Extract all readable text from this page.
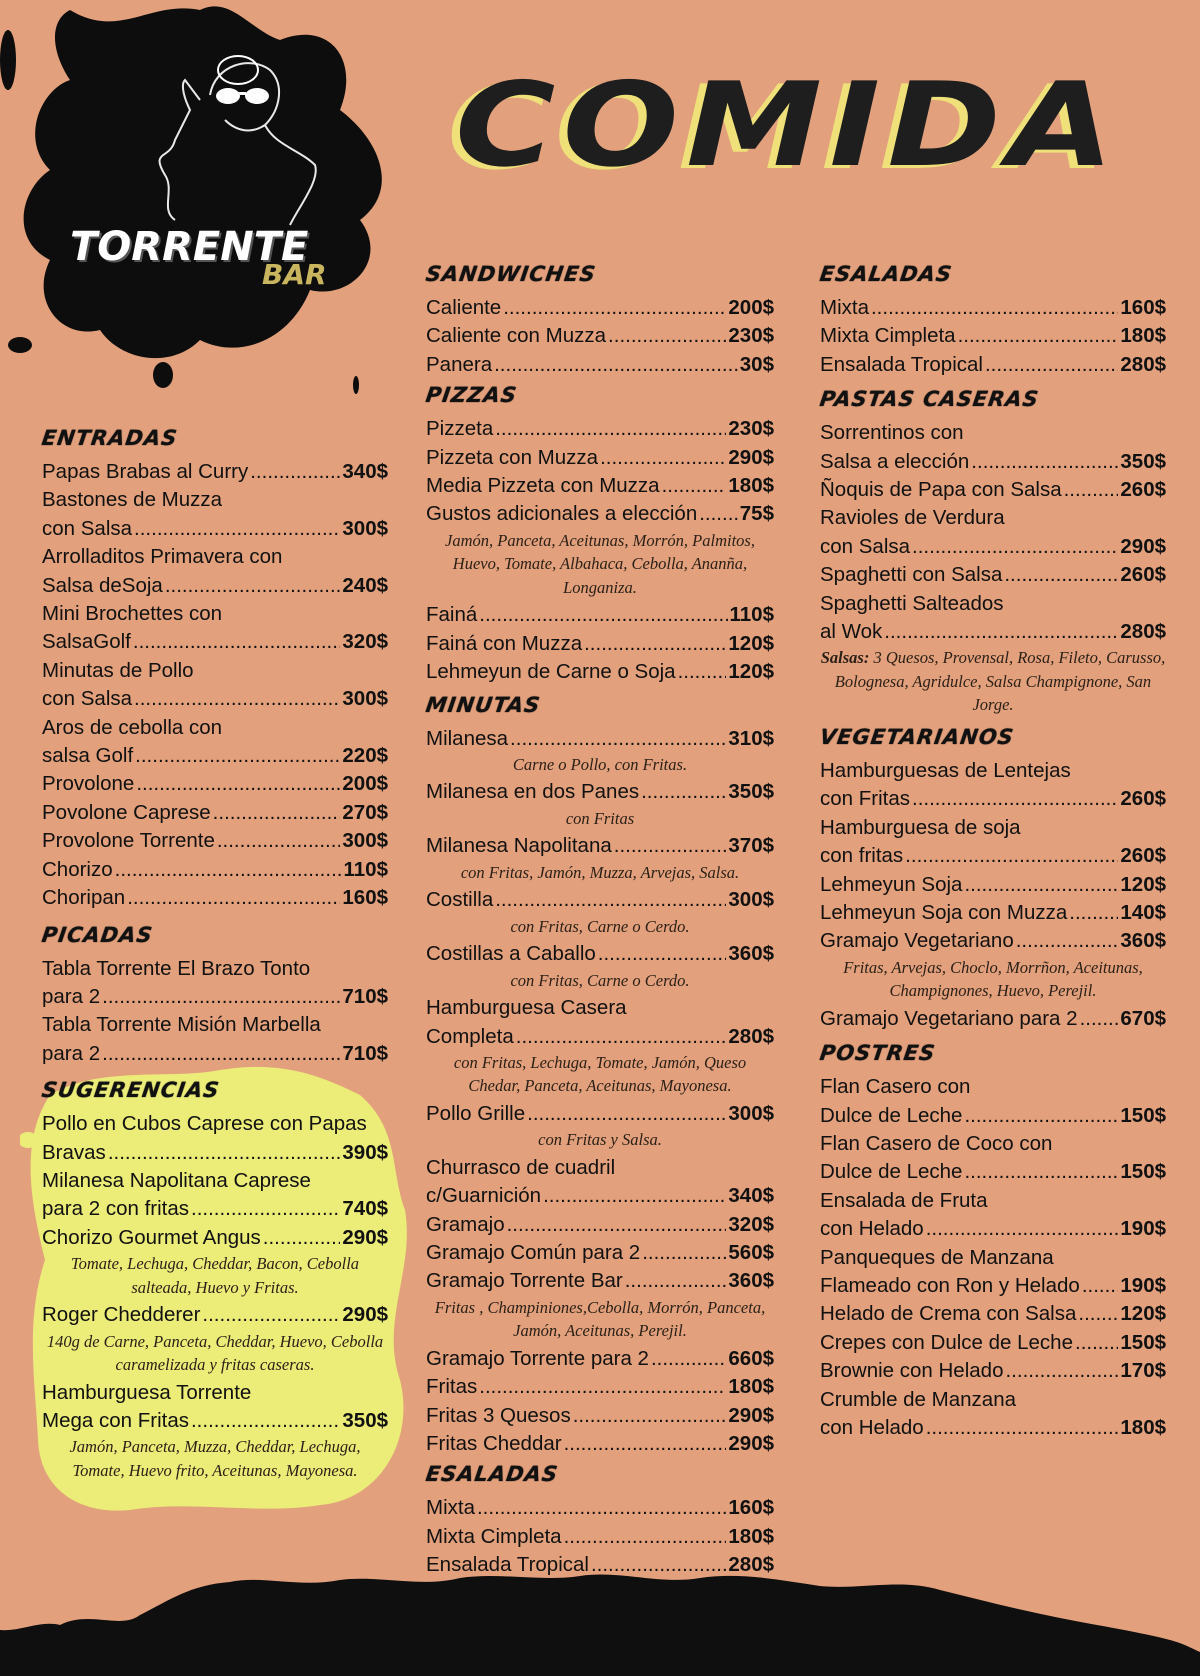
TORRENTE
BAR
COMIDA
ENTRADAS
Papas Brabas al Curry .....	340$
Bastones de Muzza
con Salsa .....	300$
Arrolladitos Primavera con
Salsa deSoja .....	240$
Mini Brochettes con
SalsaGolf .....	320$
Minutas de Pollo
con Salsa .....	300$
Aros de cebolla con
salsa Golf .....	220$
Provolone .....	200$
Povolone Caprese .....	270$
Provolone Torrente .....	300$
Chorizo .....	110$
Choripan .....	160$
PICADAS
Tabla Torrente El Brazo Tonto
para 2 .....	710$
Tabla Torrente Misión Marbella
para 2 .....	710$
SUGERENCIAS
Pollo en Cubos Caprese con Papas
Bravas .....	390$
Milanesa Napolitana Caprese
para 2 con fritas .....	740$
Chorizo Gourmet Angus .....	290$
Tomate, Lechuga, Cheddar, Bacon, Cebolla salteada, Huevo y Fritas.
Roger Chedderer .....	290$
140g de Carne, Panceta, Cheddar, Huevo, Cebolla caramelizada y fritas caseras.
Hamburguesa Torrente
Mega con Fritas .....	350$
Jamón, Panceta, Muzza, Cheddar, Lechuga, Tomate, Huevo frito, Aceitunas, Mayonesa.
SANDWICHES
Caliente .....	200$
Caliente con Muzza .....	230$
Panera .....	30$
PIZZAS
Pizzeta .....	230$
Pizzeta con Muzza .....	290$
Media Pizzeta con Muzza .....	180$
Gustos adicionales a elección ..... 75$
Jamón, Panceta, Aceitunas, Morrón, Palmitos, Huevo, Tomate, Albahaca, Cebolla, Ananña, Longaniza.
Fainá .....	110$
Fainá con Muzza .....	120$
Lehmeyun de Carne o Soja .....	120$
MINUTAS
Milanesa .....	310$
Carne o Pollo, con Fritas.
Milanesa en dos Panes .....	350$
con Fritas
Milanesa Napolitana .....	370$
con Fritas, Jamón, Muzza, Arvejas, Salsa.
Costilla .....	300$
con Fritas, Carne o Cerdo.
Costillas a Caballo .....	360$
con Fritas, Carne o Cerdo.
Hamburguesa Casera
Completa .....	280$
con Fritas, Lechuga, Tomate, Jamón, Queso Chedar, Panceta, Aceitunas, Mayonesa.
Pollo Grille .....	300$
con Fritas y Salsa.
Churrasco de cuadril
c/Guarnición .....	340$
Gramajo .....	320$
Gramajo Común para 2 .....	560$
Gramajo Torrente Bar .....	360$
Fritas , Champiniones,Cebolla, Morrón, Panceta, Jamón, Aceitunas, Perejil.
Gramajo Torrente para 2 .....	660$
Fritas .....	180$
Fritas 3 Quesos .....	290$
Fritas Cheddar .....	290$
ESALADAS
Mixta .....	160$
Mixta Cimpleta .....	180$
Ensalada Tropical .....	280$
ESALADAS
Mixta .....	160$
Mixta Cimpleta .....	180$
Ensalada Tropical .....	280$
PASTAS CASERAS
Sorrentinos con
Salsa a elección .....	350$
Ñoquis de Papa con Salsa .....	260$
Ravioles de Verdura
con Salsa .....	290$
Spaghetti con Salsa .....	260$
Spaghetti Salteados
al Wok .....	280$
Salsas: 3 Quesos, Provensal, Rosa, Fileto, Carusso, Bolognesa, Agridulce, Salsa Champignone, San Jorge.
VEGETARIANOS
Hamburguesas de Lentejas
con Fritas .....	260$
Hamburguesa de soja
con fritas .....	260$
Lehmeyun Soja .....	120$
Lehmeyun Soja con Muzza .....	140$
Gramajo Vegetariano .....	360$
Fritas, Arvejas, Choclo, Morrñon, Aceitunas, Champignones, Huevo, Perejil.
Gramajo Vegetariano para 2 ..... 670$
POSTRES
Flan Casero con
Dulce de Leche .....	150$
Flan Casero de Coco con
Dulce de Leche .....	150$
Ensalada de Fruta
con Helado .....	190$
Panqueques de Manzana
Flameado con Ron y Helado ..... 190$
Helado de Crema con Salsa ..... 120$
Crepes con Dulce de Leche ..... 150$
Brownie con Helado .....	170$
Crumble de Manzana
con Helado .....	180$
